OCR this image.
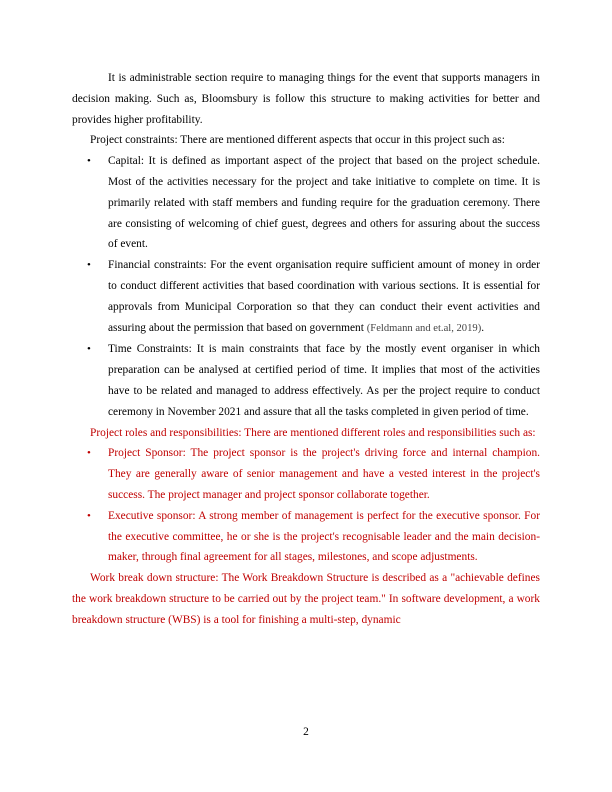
It is administrable section require to managing things for the event that supports managers in decision making. Such as, Bloomsbury is follow this structure to making activities for better and provides higher profitability.

Project constraints: There are mentioned different aspects that occur in this project such as:

• Capital: It is defined as important aspect of the project that based on the project schedule. Most of the activities necessary for the project and take initiative to complete on time. It is primarily related with staff members and funding require for the graduation ceremony. There are consisting of welcoming of chief guest, degrees and others for assuring about the success of event.
• Financial constraints: For the event organisation require sufficient amount of money in order to conduct different activities that based coordination with various sections. It is essential for approvals from Municipal Corporation so that they can conduct their event activities and assuring about the permission that based on government (Feldmann and et.al, 2019).
• Time Constraints: It is main constraints that face by the mostly event organiser in which preparation can be analysed at certified period of time. It implies that most of the activities have to be related and managed to address effectively. As per the project require to conduct ceremony in November 2021 and assure that all the tasks completed in given period of time.

Project roles and responsibilities: There are mentioned different roles and responsibilities such as:

• Project Sponsor: The project sponsor is the project's driving force and internal champion. They are generally aware of senior management and have a vested interest in the project's success. The project manager and project sponsor collaborate together.
• Executive sponsor: A strong member of management is perfect for the executive sponsor. For the executive committee, he or she is the project's recognisable leader and the main decision-maker, through final agreement for all stages, milestones, and scope adjustments.

Work break down structure: The Work Breakdown Structure is described as a "achievable defines the work breakdown structure to be carried out by the project team." In software development, a work breakdown structure (WBS) is a tool for finishing a multi-step, dynamic

2
